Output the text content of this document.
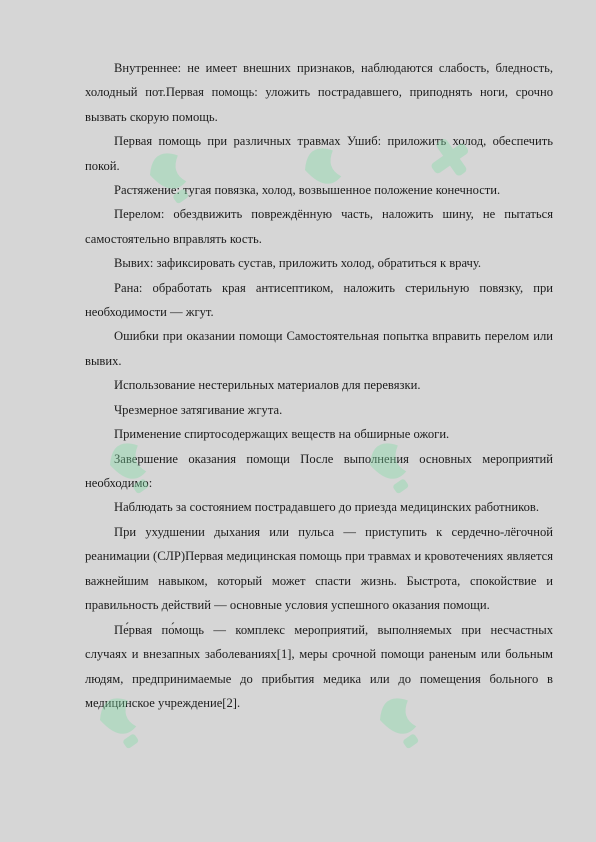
Внутреннее: не имеет внешних признаков, наблюдаются слабость, бледность, холодный пот.Первая помощь: уложить пострадавшего, приподнять ноги, срочно вызвать скорую помощь.

Первая помощь при различных травмах Ушиб: приложить холод, обеспечить покой.

Растяжение: тугая повязка, холод, возвышенное положение конечности.

Перелом: обездвижить повреждённую часть, наложить шину, не пытаться самостоятельно вправлять кость.

Вывих: зафиксировать сустав, приложить холод, обратиться к врачу.

Рана: обработать края антисептиком, наложить стерильную повязку, при необходимости — жгут.

Ошибки при оказании помощи Самостоятельная попытка вправить перелом или вывих.

Использование нестерильных материалов для перевязки.

Чрезмерное затягивание жгута.

Применение спиртосодержащих веществ на обширные ожоги.

Завершение оказания помощи После выполнения основных мероприятий необходимо:

Наблюдать за состоянием пострадавшего до приезда медицинских работников.

При ухудшении дыхания или пульса — приступить к сердечно-лёгочной реанимации (СЛР)Первая медицинская помощь при травмах и кровотечениях является важнейшим навыком, который может спасти жизнь. Быстрота, спокойствие и правильность действий — основные условия успешного оказания помощи.

Пе́рвая по́мощь — комплекс мероприятий, выполняемых при несчастных случаях и внезапных заболеваниях[1], меры срочной помощи раненым или больным людям, предпринимаемые до прибытия медика или до помещения больного в медицинское учреждение[2].
